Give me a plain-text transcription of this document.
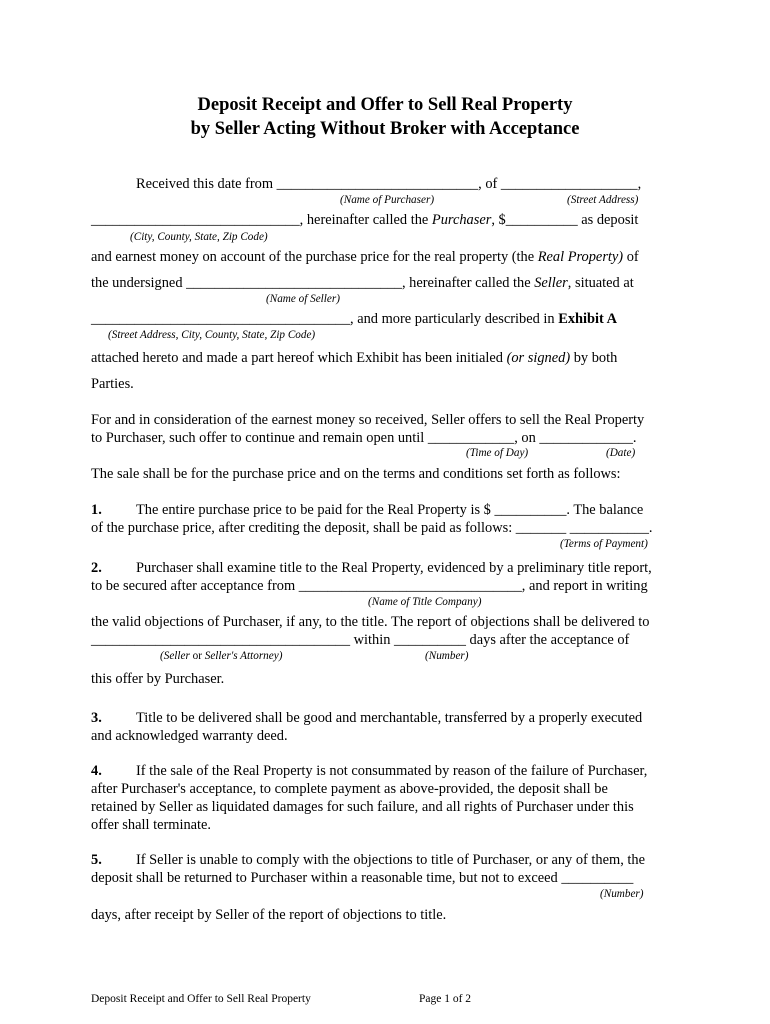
Deposit Receipt and Offer to Sell Real Property
by Seller Acting Without Broker with Acceptance
Received this date from ____________________________, of ___________________,
(Name of Purchaser)	(Street Address)
_____________________________, hereinafter called the Purchaser, $__________ as deposit
(City, County, State, Zip Code)
and earnest money on account of the purchase price for the real property (the Real Property) of
the undersigned ______________________________, hereinafter called the Seller, situated at
(Name of Seller)
____________________________________, and more particularly described in Exhibit A
(Street Address, City, County, State, Zip Code)
attached hereto and made a part hereof which Exhibit has been initialed (or signed) by both
Parties.
For and in consideration of the earnest money so received, Seller offers to sell the Real Property
to Purchaser, such offer to continue and remain open until ____________, on _____________.
(Time of Day)	(Date)
The sale shall be for the purchase price and on the terms and conditions set forth as follows:
1. The entire purchase price to be paid for the Real Property is $ __________. The balance
of the purchase price, after crediting the deposit, shall be paid as follows: _______ ___________.
(Terms of Payment)
2. Purchaser shall examine title to the Real Property, evidenced by a preliminary title report,
to be secured after acceptance from _______________________________, and report in writing
(Name of Title Company)
the valid objections of Purchaser, if any, to the title. The report of objections shall be delivered to
____________________________________ within __________ days after the acceptance of
(Seller or Seller's Attorney)	(Number)
this offer by Purchaser.
3. Title to be delivered shall be good and merchantable, transferred by a properly executed
and acknowledged warranty deed.
4. If the sale of the Real Property is not consummated by reason of the failure of Purchaser,
after Purchaser's acceptance, to complete payment as above-provided, the deposit shall be
retained by Seller as liquidated damages for such failure, and all rights of Purchaser under this
offer shall terminate.
5. If Seller is unable to comply with the objections to title of Purchaser, or any of them, the
deposit shall be returned to Purchaser within a reasonable time, but not to exceed __________
(Number)
days, after receipt by Seller of the report of objections to title.
Deposit Receipt and Offer to Sell Real Property	Page 1 of 2
